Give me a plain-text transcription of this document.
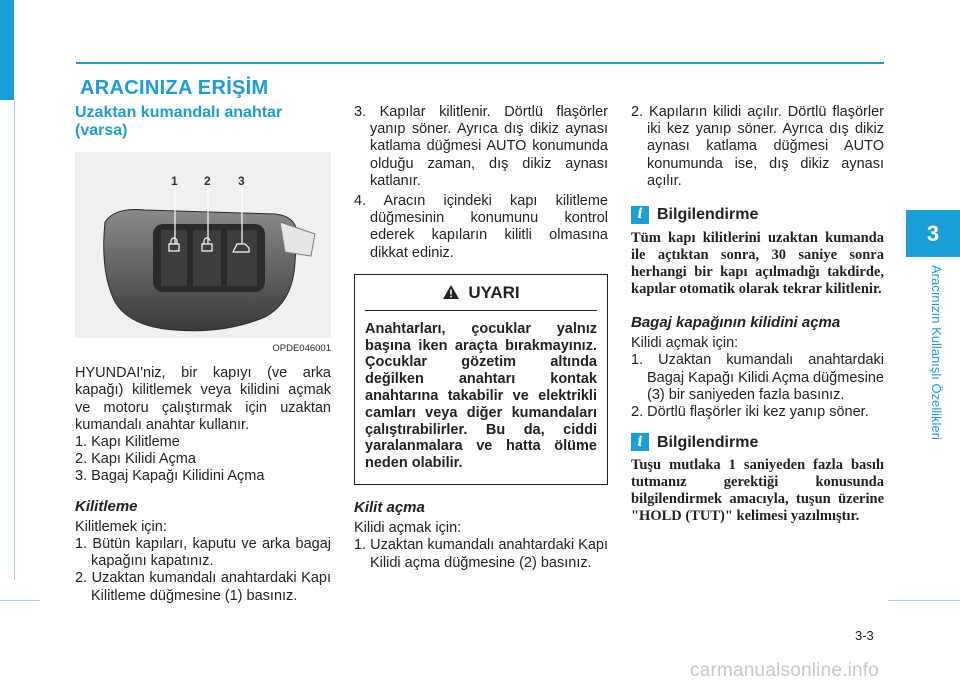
ARACINIZA ERİŞİM
3
Aracınızın Kullanışlı Özellikleri
Uzaktan kumandalı anahtar (varsa)
1 2 3
OPDE046001
HYUNDAI'niz, bir kapıyı (ve arka kapağı) kilitlemek veya kilidini açmak ve motoru çalıştırmak için uzaktan kumandalı anahtar kullanır.
1. Kapı Kilitleme
2. Kapı Kilidi Açma
3. Bagaj Kapağı Kilidini Açma
Kilitleme
Kilitlemek için:
1. Bütün kapıları, kaputu ve arka bagaj kapağını kapatınız.
2. Uzaktan kumandalı anahtardaki Kapı Kilitleme düğmesine (1) basınız.
3. Kapılar kilitlenir. Dörtlü flaşörler yanıp söner. Ayrıca dış dikiz aynası katlama düğmesi AUTO konumunda olduğu zaman, dış dikiz aynası katlanır.
4. Aracın içindeki kapı kilitleme düğmesinin konumunu kontrol ederek kapıların kilitli olmasına dikkat ediniz.
UYARI
Anahtarları, çocuklar yalnız başına iken araçta bırakmayınız. Çocuklar gözetim altında değilken anahtarı kontak anahtarına takabilir ve elektrikli camları veya diğer kumandaları çalıştırabilirler. Bu da, ciddi yaralanmalara ve hatta ölüme neden olabilir.
Kilit açma
Kilidi açmak için:
1. Uzaktan kumandalı anahtardaki Kapı Kilidi açma düğmesine (2) basınız.
2. Kapıların kilidi açılır. Dörtlü flaşörler iki kez yanıp söner. Ayrıca dış dikiz aynası katlama düğmesi AUTO konumunda ise, dış dikiz aynası açılır.
i Bilgilendirme
Tüm kapı kilitlerini uzaktan kumanda ile açtıktan sonra, 30 saniye sonra herhangi bir kapı açılmadığı takdirde, kapılar otomatik olarak tekrar kilitlenir.
Bagaj kapağının kilidini açma
Kilidi açmak için:
1. Uzaktan kumandalı anahtardaki Bagaj Kapağı Kilidi Açma düğmesine (3) bir saniyeden fazla basınız.
2. Dörtlü flaşörler iki kez yanıp söner.
i Bilgilendirme
Tuşu mutlaka 1 saniyeden fazla basılı tutmanız gerektiği konusunda bilgilendirmek amacıyla, tuşun üzerine "HOLD (TUT)" kelimesi yazılmıştır.
3-3
carmanualsonline.info
